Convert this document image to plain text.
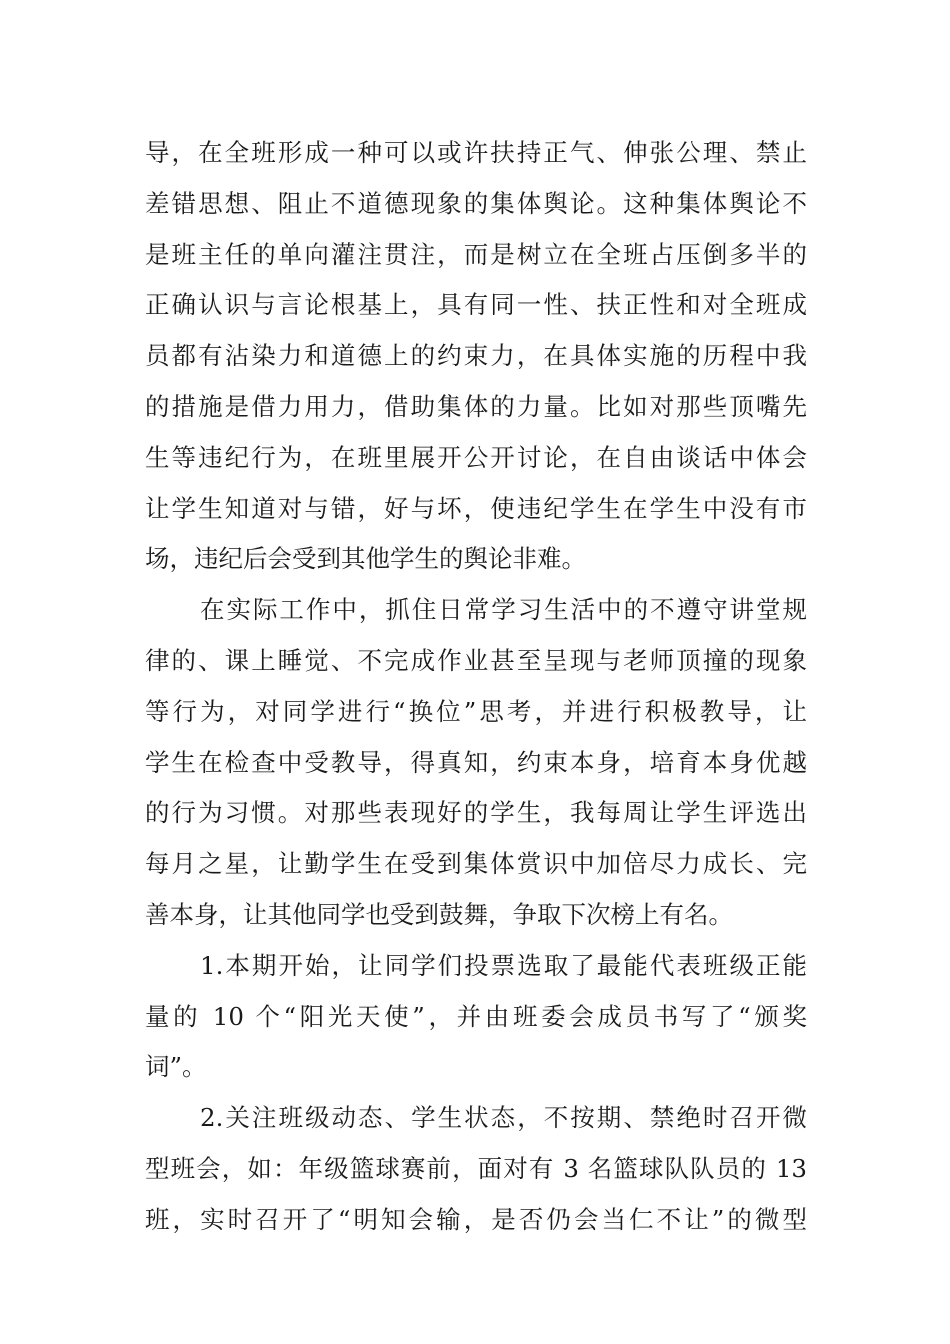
导，在全班形成一种可以或许扶持正气、伸张公理、禁止
差错思想、阻止不道德现象的集体舆论。这种集体舆论不
是班主任的单向灌注贯注，而是树立在全班占压倒多半的
正确认识与言论根基上，具有同一性、扶正性和对全班成
员都有沾染力和道德上的约束力，在具体实施的历程中我
的措施是借力用力，借助集体的力量。比如对那些顶嘴先
生等违纪行为，在班里展开公开讨论，在自由谈话中体会
让学生知道对与错，好与坏，使违纪学生在学生中没有市
场，违纪后会受到其他学生的舆论非难。
在实际工作中，抓住日常学习生活中的不遵守讲堂规
律的、课上睡觉、不完成作业甚至呈现与老师顶撞的现象
等行为，对同学进行“换位”思考，并进行积极教导，让
学生在检查中受教导，得真知，约束本身，培育本身优越
的行为习惯。对那些表现好的学生，我每周让学生评选出
每月之星，让勤学生在受到集体赏识中加倍尽力成长、完
善本身，让其他同学也受到鼓舞，争取下次榜上有名。
1.本期开始，让同学们投票选取了最能代表班级正能
量的 10 个“阳光天使”，并由班委会成员书写了“颁奖
词”。
2.关注班级动态、学生状态，不按期、禁绝时召开微
型班会，如：年级篮球赛前，面对有 3 名篮球队队员的 13
班，实时召开了“明知会输，是否仍会当仁不让”的微型
